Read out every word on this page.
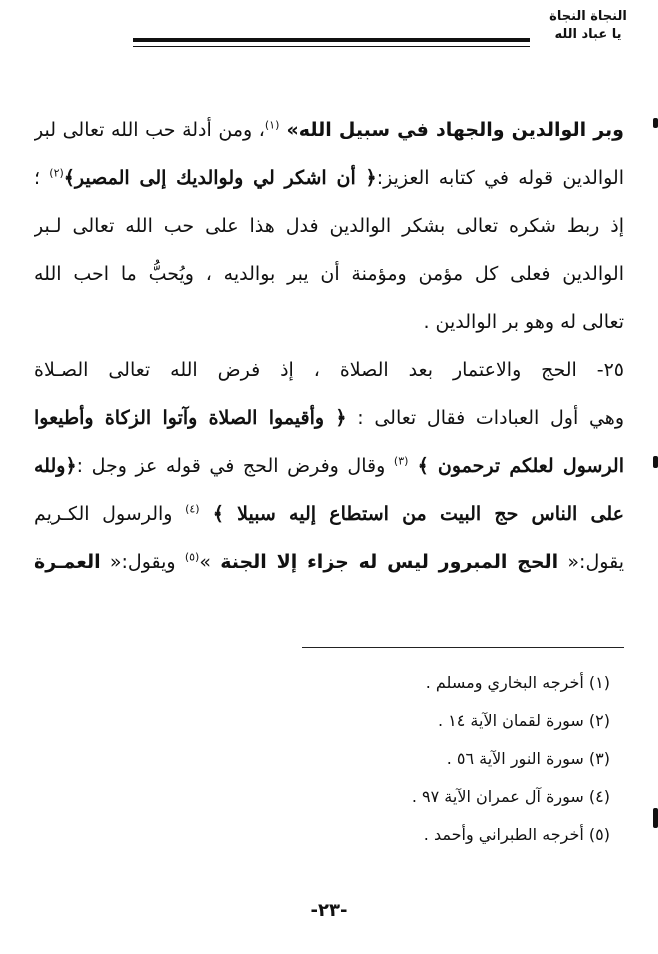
النجاة النجاة
يا عباد الله
وبر الوالدين والجهاد في سبيل الله» $^{(١)}$، ومن أدلة حب الله تعالى لبر
الوالدين قوله في كتابه العزيز:﴿ أن اشكر لي ولوالديك إلى المصير﴾$^{(٢)}$ ؛
إذ ربط شكره تعالى بشكر الوالدين فدل هذا على حب الله تعالى لـبر
الوالدين فعلى كل مؤمن ومؤمنة أن يبر بوالديه ، ويُحبُّ ما احب الله
تعالى له وهو بر الوالدين .
٢٥- الحج والاعتمار بعد الصلاة ، إذ فرض الله تعالى الصـلاة
وهي أول العبادات فقال تعالى : ﴿ وأقيموا الصلاة وآتوا الزكاة وأطيعوا
الرسول لعلكم ترحمون ﴾ $^{(٣)}$ وقال وفرض الحج في قوله عز وجل :﴿ولله
على الناس حج البيت من استطاع إليه سبيلا ﴾ $^{(٤)}$ والرسول الكـريم
يقول:« الحج المبرور ليس له جزاء إلا الجنة »$^{(٥)}$ ويقول:« العمـرة
(١) أخرجه البخاري ومسلم .
(٢) سورة لقمان الآية ١٤ .
(٣) سورة النور الآية ٥٦ .
(٤) سورة آل عمران الآية ٩٧ .
(٥) أخرجه الطبراني وأحمد .
-٢٣-
